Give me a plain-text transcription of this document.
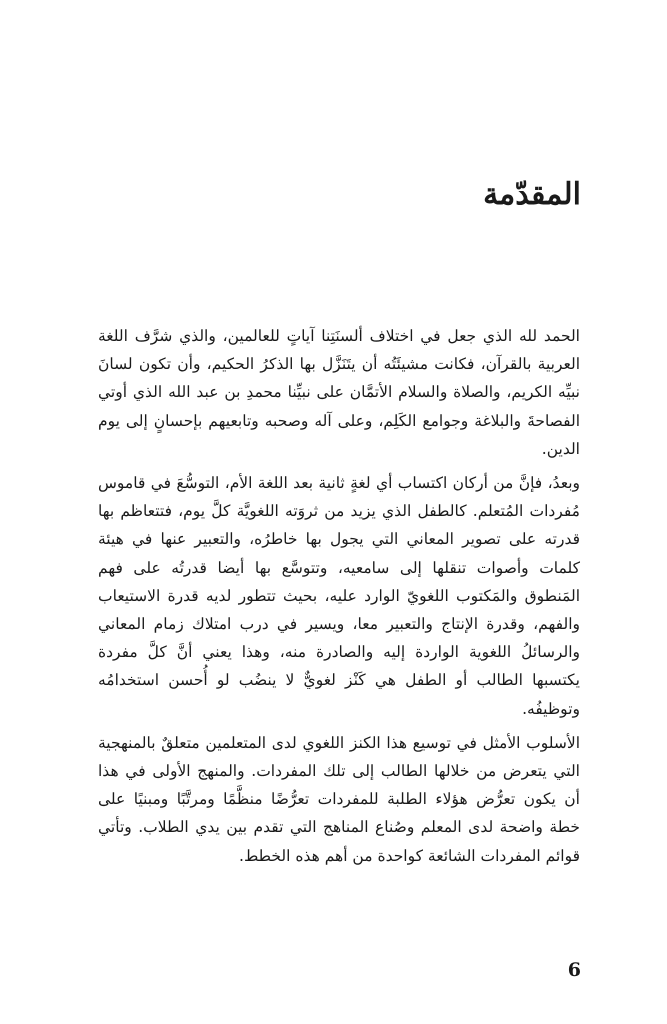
المقدّمة

الحمد لله الذي جعل في اختلاف ألسنَتِنا آياتٍ للعالمين، والذي شرَّف اللغة العربية بالقرآن، فكانت مشيئَتُه أن يتَنَزَّل بها الذكرُ الحكيم، وأن تكون لسانَ نبيِّه الكريم، والصلاة والسلام الأتمَّان على نبيِّنا محمدِ بن عبد الله الذي أوتي الفصاحةَ والبلاغة وجوامع الكَلِم، وعلى آله وصحبه وتابعيهم بإحسانٍ إلى يوم الدين.

وبعدُ، فإنَّ من أركان اكتساب أي لغةٍ ثانية بعد اللغة الأم، التوسُّعَ في قاموس مُفردات المُتعلم. كالطفل الذي يزيد من ثروَته اللغويَّة كلَّ يوم، فتتعاظم بها قدرته على تصوير المعاني التي يجول بها خاطرُه، والتعبير عنها في هيئة كلمات وأصوات تنقلها إلى سامعيه، وتتوسَّع بها أيضا قدرتُه على فهم المَنطوق والمَكتوب اللغويّ الوارد عليه، بحيث تتطور لديه قدرة الاستيعاب والفهم، وقدرة الإنتاج والتعبير معا، ويسير في درب امتلاك زمام المعاني والرسائلُ اللغوية الواردة إليه والصادرة منه، وهذا يعني أنَّ كلَّ مفردة يكتسبها الطالب أو الطفل هي كَنْز لغويٌّ لا ينضُب لو أُحسن استخدامُه وتوظيفُه.

الأسلوب الأمثل في توسيع هذا الكنز اللغوي لدى المتعلمين متعلقٌ بالمنهجية التي يتعرض من خلالها الطالب إلى تلك المفردات. والمنهج الأولى في هذا أن يكون تعرُّض هؤلاء الطلبة للمفردات تعرُّضًا منظَّمًا ومرتَّبًا ومبنيًا على خطة واضحة لدى المعلم وصُناع المناهج التي تقدم بين يدي الطلاب. وتأتي قوائم المفردات الشائعة كواحدة من أهم هذه الخطط.

6
